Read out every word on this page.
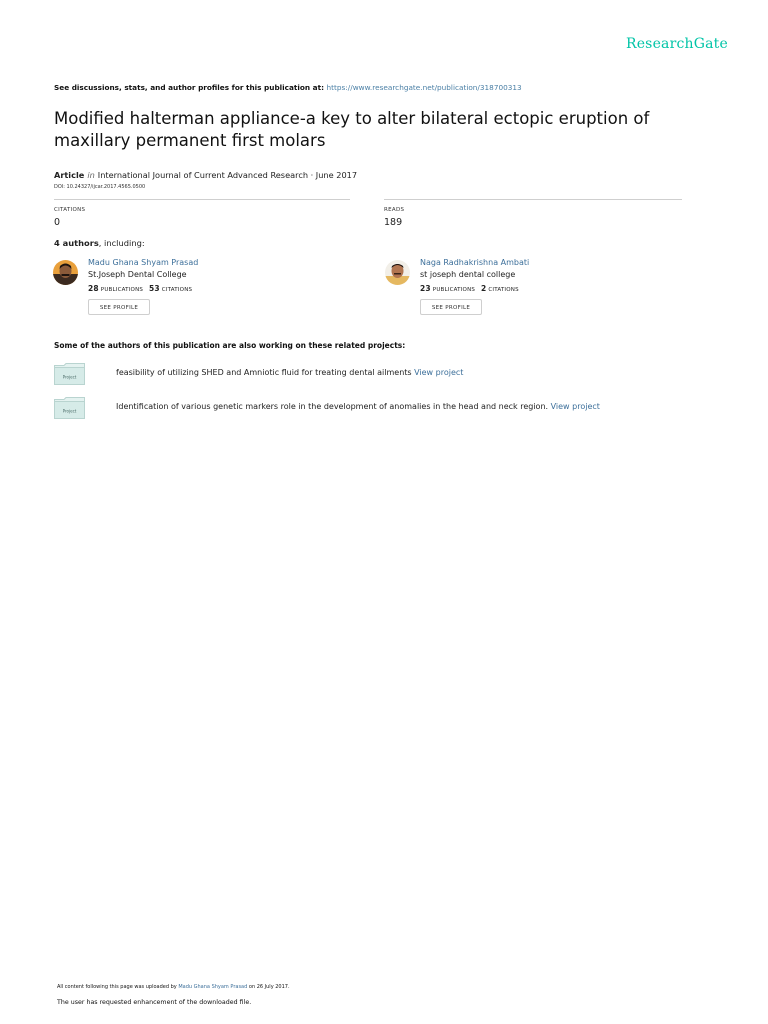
ResearchGate
See discussions, stats, and author profiles for this publication at: https://www.researchgate.net/publication/318700313
Modified halterman appliance-a key to alter bilateral ectopic eruption of maxillary permanent first molars
Article in International Journal of Current Advanced Research · June 2017
DOI: 10.24327/ijcar.2017.4565.0500
CITATIONS
0
READS
189
4 authors, including:
Madu Ghana Shyam Prasad
St.Joseph Dental College
28 PUBLICATIONS 53 CITATIONS
SEE PROFILE
Naga Radhakrishna Ambati
st joseph dental college
23 PUBLICATIONS 2 CITATIONS
SEE PROFILE
Some of the authors of this publication are also working on these related projects:
Project	feasibility of utilizing SHED and Amniotic fluid for treating dental ailments View project
Project	Identification of various genetic markers role in the development of anomalies in the head and neck region. View project
All content following this page was uploaded by Madu Ghana Shyam Prasad on 26 July 2017.
The user has requested enhancement of the downloaded file.
